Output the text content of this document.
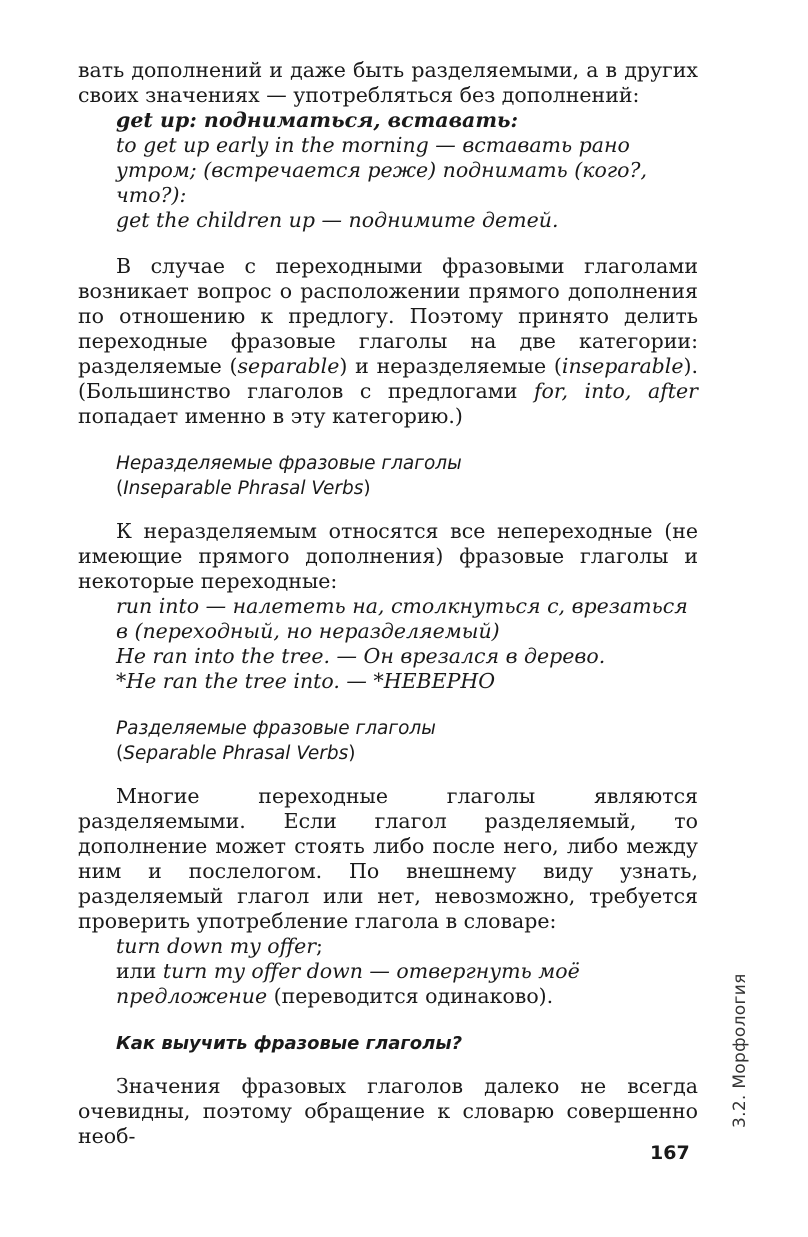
вать дополнений и даже быть разделяемыми, а в других своих значениях — употребляться без дополнений:

get up: подниматься, вставать:
to get up early in the morning — вставать рано утром; (встречается реже) поднимать (кого?, что?):
get the children up — поднимите детей.

В случае с переходными фразовыми глаголами возникает вопрос о расположении прямого дополнения по отношению к предлогу. Поэтому принято делить переходные фразовые глаголы на две категории: разделяемые (separable) и неразделяемые (inseparable). (Большинство глаголов с предлогами for, into, after попадает именно в эту категорию.)

Неразделяемые фразовые глаголы
(Inseparable Phrasal Verbs)

К неразделяемым относятся все непереходные (не имеющие прямого дополнения) фразовые глаголы и некоторые переходные:

run into — налететь на, столкнуться с, врезаться в (переходный, но неразделяемый)
He ran into the tree. — Он врезался в дерево.
*He ran the tree into. — *НЕВЕРНО
Разделяемые фразовые глаголы
(Separable Phrasal Verbs)

Многие переходные глаголы являются разделяемыми. Если глагол разделяемый, то дополнение может стоять либо после него, либо между ним и послелогом. По внешнему виду узнать, разделяемый глагол или нет, невозможно, требуется проверить употребление глагола в словаре:

turn down my offer;
или turn my offer down — отвергнуть моё предложение (переводится одинаково).
Как выучить фразовые глаголы?

Значения фразовых глаголов далеко не всегда очевидны, поэтому обращение к словарю совершенно необ-

3.2. Морфология
167
